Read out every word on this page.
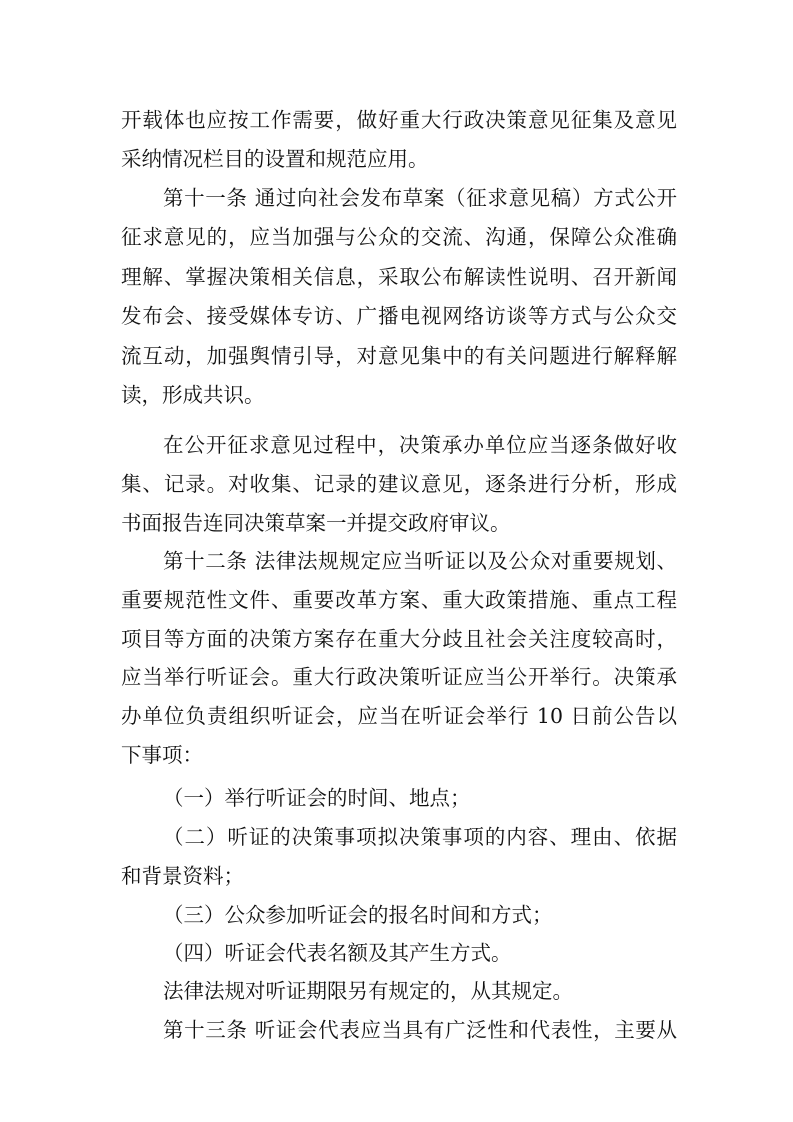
开载体也应按工作需要，做好重大行政决策意见征集及意见
采纳情况栏目的设置和规范应用。
第十一条 通过向社会发布草案（征求意见稿）方式公开
征求意见的，应当加强与公众的交流、沟通，保障公众准确
理解、掌握决策相关信息，采取公布解读性说明、召开新闻
发布会、接受媒体专访、广播电视网络访谈等方式与公众交
流互动，加强舆情引导，对意见集中的有关问题进行解释解
读，形成共识。
在公开征求意见过程中，决策承办单位应当逐条做好收
集、记录。对收集、记录的建议意见，逐条进行分析，形成
书面报告连同决策草案一并提交政府审议。
第十二条 法律法规规定应当听证以及公众对重要规划、
重要规范性文件、重要改革方案、重大政策措施、重点工程
项目等方面的决策方案存在重大分歧且社会关注度较高时，
应当举行听证会。重大行政决策听证应当公开举行。决策承
办单位负责组织听证会，应当在听证会举行 10 日前公告以
下事项：
（一）举行听证会的时间、地点；
（二）听证的决策事项拟决策事项的内容、理由、依据
和背景资料；
（三）公众参加听证会的报名时间和方式；
（四）听证会代表名额及其产生方式。
法律法规对听证期限另有规定的，从其规定。
第十三条 听证会代表应当具有广泛性和代表性，主要从
